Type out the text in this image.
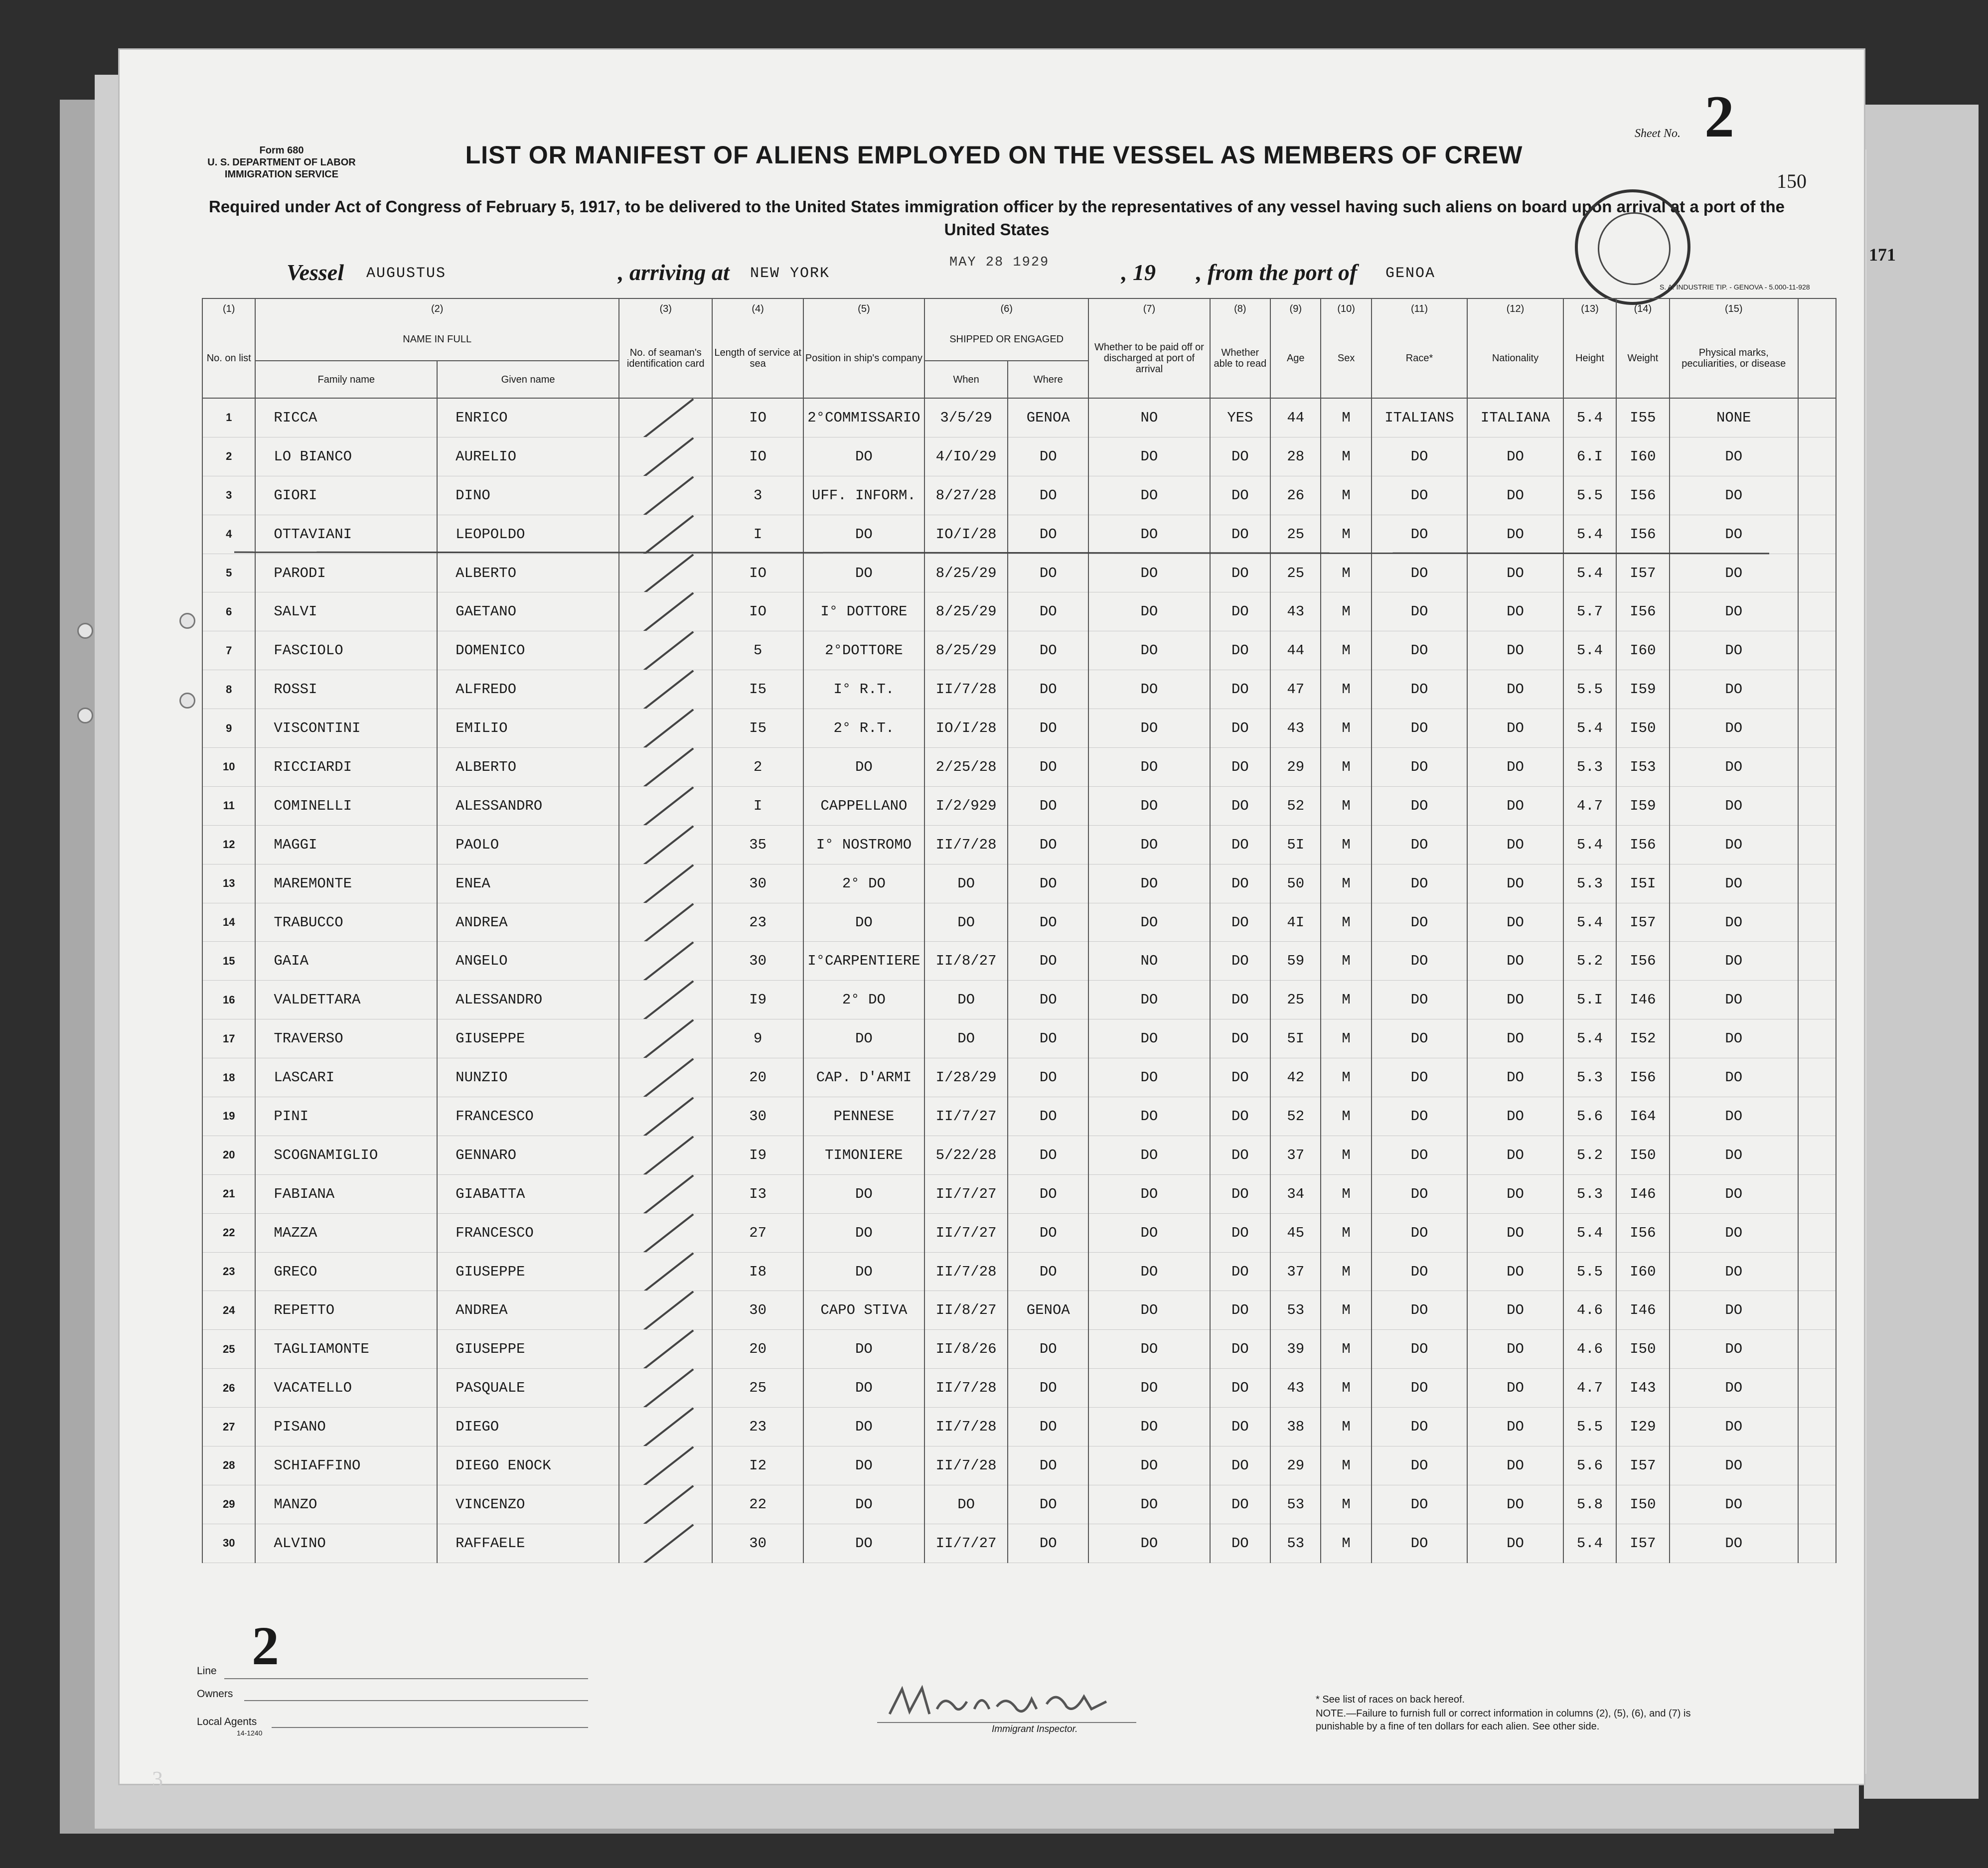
Form 680
U. S. DEPARTMENT OF LABOR
IMMIGRATION SERVICE
Sheet No. 2
150
171
LIST OR MANIFEST OF ALIENS EMPLOYED ON THE VESSEL AS MEMBERS OF CREW
Required under Act of Congress of February 5, 1917, to be delivered to the United States immigration officer by the representatives of any vessel having such aliens on board upon arrival at a port of the United States
Vessel AUGUSTUS	, arriving at NEW YORK
MAY 28 1929	, 19 , from the port of GENOA
S. A. INDUSTRIE TIP. - GENOVA - 5.000-11-928
(1)	(2)		(3)	(4)	(5)	(6)		(7)	(8)	(9)	(10)	(11)	(12)	(13)	(14)	(15)	
No. on list	NAME IN FULL		No. of seaman's identification card	Length of service at sea	Position in ship's company	SHIPPED OR ENGAGED		Whether to be paid off or discharged at port of arrival	Whether able to read	Age	Sex	Race*	Nationality	Height	Weight	Physical marks, peculiarities, or disease	
	Family name	Given name				When	Where										
1	RICCA	ENRICO		IO	2°COMMISSARIO	3/5/29	GENOA	NO	YES	44	M	ITALIANS	ITALIANA	5.4	I55	NONE	
2	LO BIANCO	AURELIO		IO	DO	4/IO/29	DO	DO	DO	28	M	DO	DO	6.I	I60	DO	
3	GIORI	DINO		3	UFF. INFORM.	8/27/28	DO	DO	DO	26	M	DO	DO	5.5	I56	DO	
4	OTTAVIANI	LEOPOLDO		I	DO	IO/I/28	DO	DO	DO	25	M	DO	DO	5.4	I56	DO	
5	PARODI	ALBERTO		IO	DO	8/25/29	DO	DO	DO	25	M	DO	DO	5.4	I57	DO	
6	SALVI	GAETANO		IO	I° DOTTORE	8/25/29	DO	DO	DO	43	M	DO	DO	5.7	I56	DO	
7	FASCIOLO	DOMENICO		5	2°DOTTORE	8/25/29	DO	DO	DO	44	M	DO	DO	5.4	I60	DO	
8	ROSSI	ALFREDO		I5	I° R.T.	II/7/28	DO	DO	DO	47	M	DO	DO	5.5	I59	DO	
9	VISCONTINI	EMILIO		I5	2° R.T.	IO/I/28	DO	DO	DO	43	M	DO	DO	5.4	I50	DO	
10	RICCIARDI	ALBERTO		2	DO	2/25/28	DO	DO	DO	29	M	DO	DO	5.3	I53	DO	
11	COMINELLI	ALESSANDRO		I	CAPPELLANO	I/2/929	DO	DO	DO	52	M	DO	DO	4.7	I59	DO	
12	MAGGI	PAOLO		35	I° NOSTROMO	II/7/28	DO	DO	DO	5I	M	DO	DO	5.4	I56	DO	
13	MAREMONTE	ENEA		30	2° DO	DO	DO	DO	DO	50	M	DO	DO	5.3	I5I	DO	
14	TRABUCCO	ANDREA		23	DO	DO	DO	DO	DO	4I	M	DO	DO	5.4	I57	DO	
15	GAIA	ANGELO		30	I°CARPENTIERE	II/8/27	DO	NO	DO	59	M	DO	DO	5.2	I56	DO	
16	VALDETTARA	ALESSANDRO		I9	2° DO	DO	DO	DO	DO	25	M	DO	DO	5.I	I46	DO	
17	TRAVERSO	GIUSEPPE		9	DO	DO	DO	DO	DO	5I	M	DO	DO	5.4	I52	DO	
18	LASCARI	NUNZIO		20	CAP. D'ARMI	I/28/29	DO	DO	DO	42	M	DO	DO	5.3	I56	DO	
19	PINI	FRANCESCO		30	PENNESE	II/7/27	DO	DO	DO	52	M	DO	DO	5.6	I64	DO	
20	SCOGNAMIGLIO	GENNARO		I9	TIMONIERE	5/22/28	DO	DO	DO	37	M	DO	DO	5.2	I50	DO	
21	FABIANA	GIABATTA		I3	DO	II/7/27	DO	DO	DO	34	M	DO	DO	5.3	I46	DO	
22	MAZZA	FRANCESCO		27	DO	II/7/27	DO	DO	DO	45	M	DO	DO	5.4	I56	DO	
23	GRECO	GIUSEPPE		I8	DO	II/7/28	DO	DO	DO	37	M	DO	DO	5.5	I60	DO	
24	REPETTO	ANDREA		30	CAPO STIVA	II/8/27	GENOA	DO	DO	53	M	DO	DO	4.6	I46	DO	
25	TAGLIAMONTE	GIUSEPPE		20	DO	II/8/26	DO	DO	DO	39	M	DO	DO	4.6	I50	DO	
26	VACATELLO	PASQUALE		25	DO	II/7/28	DO	DO	DO	43	M	DO	DO	4.7	I43	DO	
27	PISANO	DIEGO		23	DO	II/7/28	DO	DO	DO	38	M	DO	DO	5.5	I29	DO	
28	SCHIAFFINO	DIEGO ENOCK		I2	DO	II/7/28	DO	DO	DO	29	M	DO	DO	5.6	I57	DO	
29	MANZO	VINCENZO		22	DO	DO	DO	DO	DO	53	M	DO	DO	5.8	I50	DO	
30	ALVINO	RAFFAELE		30	DO	II/7/27	DO	DO	DO	53	M	DO	DO	5.4	I57	DO	
Line 2
Owners
Local Agents
14-1240	Immigrant Inspector.
* See list of races on back hereof.
NOTE.—Failure to furnish full or correct information in columns (2), (5), (6), and (7) is punishable by a fine of ten dollars for each alien. See other side.
3
